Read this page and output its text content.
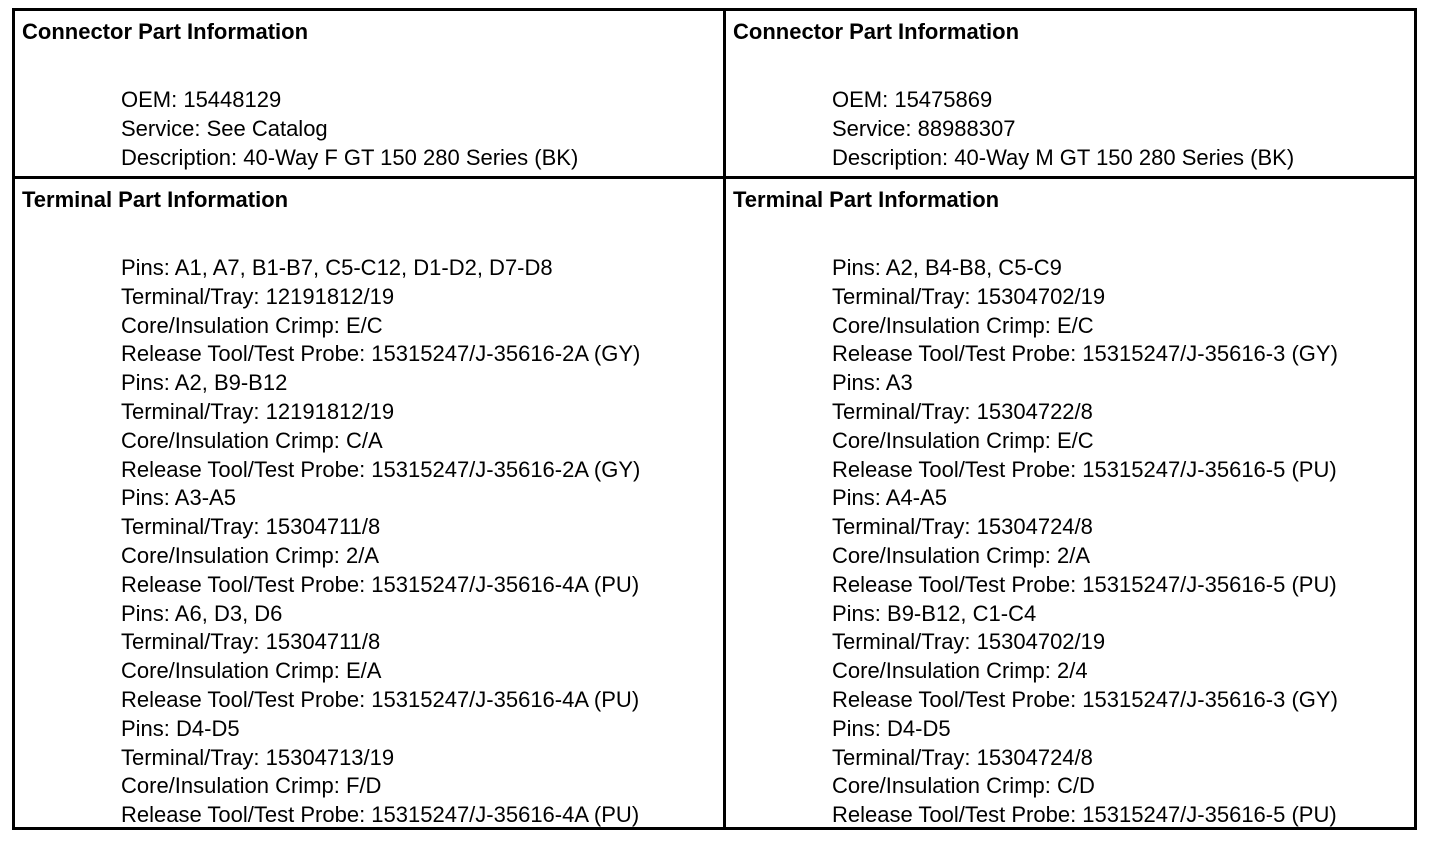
Connector Part Information
OEM: 15448129
Service: See Catalog
Description: 40-Way F GT 150 280 Series (BK)
Connector Part Information
OEM: 15475869
Service: 88988307
Description: 40-Way M GT 150 280 Series (BK)
Terminal Part Information
Pins: A1, A7, B1-B7, C5-C12, D1-D2, D7-D8
Terminal/Tray: 12191812/19
Core/Insulation Crimp: E/C
Release Tool/Test Probe: 15315247/J-35616-2A (GY)
Pins: A2, B9-B12
Terminal/Tray: 12191812/19
Core/Insulation Crimp: C/A
Release Tool/Test Probe: 15315247/J-35616-2A (GY)
Pins: A3-A5
Terminal/Tray: 15304711/8
Core/Insulation Crimp: 2/A
Release Tool/Test Probe: 15315247/J-35616-4A (PU)
Pins: A6, D3, D6
Terminal/Tray: 15304711/8
Core/Insulation Crimp: E/A
Release Tool/Test Probe: 15315247/J-35616-4A (PU)
Pins: D4-D5
Terminal/Tray: 15304713/19
Core/Insulation Crimp: F/D
Release Tool/Test Probe: 15315247/J-35616-4A (PU)
Terminal Part Information
Pins: A2, B4-B8, C5-C9
Terminal/Tray: 15304702/19
Core/Insulation Crimp: E/C
Release Tool/Test Probe: 15315247/J-35616-3 (GY)
Pins: A3
Terminal/Tray: 15304722/8
Core/Insulation Crimp: E/C
Release Tool/Test Probe: 15315247/J-35616-5 (PU)
Pins: A4-A5
Terminal/Tray: 15304724/8
Core/Insulation Crimp: 2/A
Release Tool/Test Probe: 15315247/J-35616-5 (PU)
Pins: B9-B12, C1-C4
Terminal/Tray: 15304702/19
Core/Insulation Crimp: 2/4
Release Tool/Test Probe: 15315247/J-35616-3 (GY)
Pins: D4-D5
Terminal/Tray: 15304724/8
Core/Insulation Crimp: C/D
Release Tool/Test Probe: 15315247/J-35616-5 (PU)
